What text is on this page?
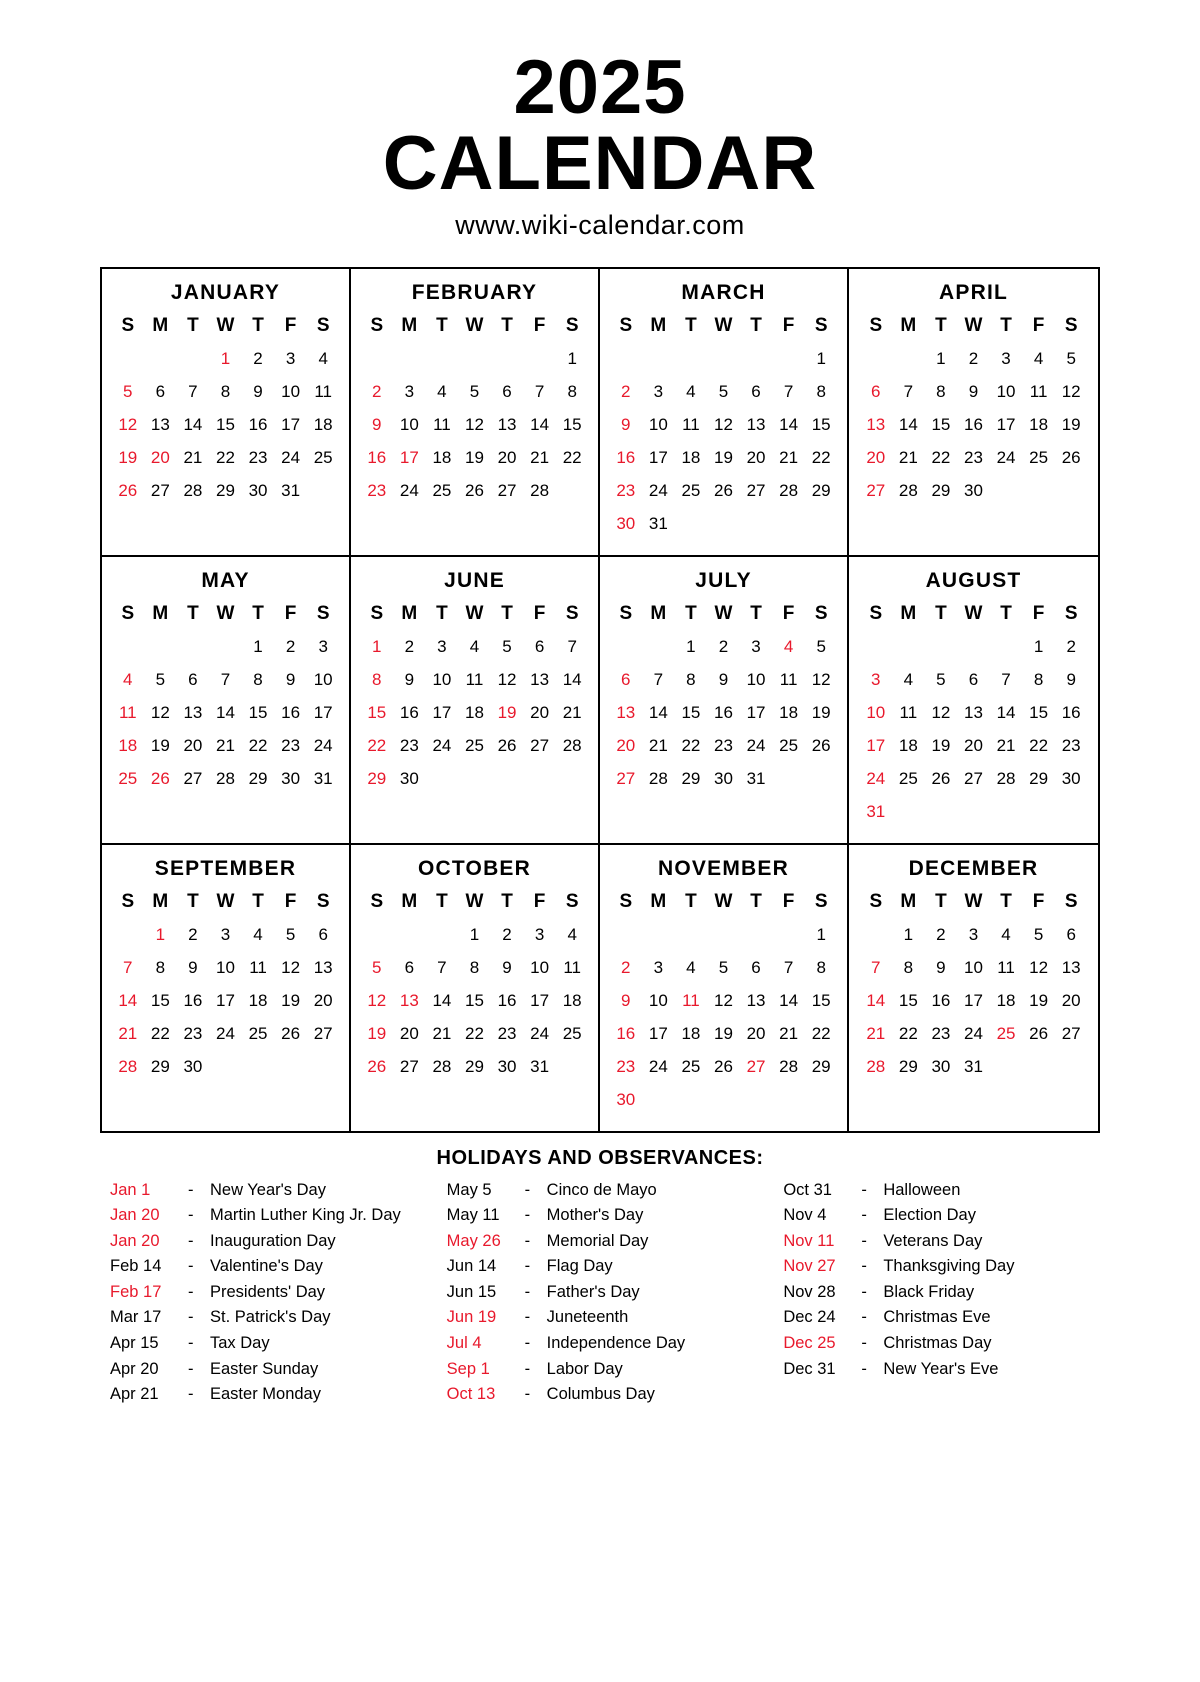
2025
CALENDAR
www.wiki-calendar.com
JANUARY
S	M	T	W	T	F	S
			1	2	3	4
5	6	7	8	9	10	11
12	13	14	15	16	17	18
19	20	21	22	23	24	25
26	27	28	29	30	31	
FEBRUARY
S	M	T	W	T	F	S
						1
2	3	4	5	6	7	8
9	10	11	12	13	14	15
16	17	18	19	20	21	22
23	24	25	26	27	28	
MARCH
S	M	T	W	T	F	S
						1
2	3	4	5	6	7	8
9	10	11	12	13	14	15
16	17	18	19	20	21	22
23	24	25	26	27	28	29
30	31					
APRIL
S	M	T	W	T	F	S
		1	2	3	4	5
6	7	8	9	10	11	12
13	14	15	16	17	18	19
20	21	22	23	24	25	26
27	28	29	30			
MAY
S	M	T	W	T	F	S
				1	2	3
4	5	6	7	8	9	10
11	12	13	14	15	16	17
18	19	20	21	22	23	24
25	26	27	28	29	30	31
JUNE
S	M	T	W	T	F	S
1	2	3	4	5	6	7
8	9	10	11	12	13	14
15	16	17	18	19	20	21
22	23	24	25	26	27	28
29	30					
JULY
S	M	T	W	T	F	S
		1	2	3	4	5
6	7	8	9	10	11	12
13	14	15	16	17	18	19
20	21	22	23	24	25	26
27	28	29	30	31		
AUGUST
S	M	T	W	T	F	S
					1	2
3	4	5	6	7	8	9
10	11	12	13	14	15	16
17	18	19	20	21	22	23
24	25	26	27	28	29	30
31						
SEPTEMBER
S	M	T	W	T	F	S
	1	2	3	4	5	6
7	8	9	10	11	12	13
14	15	16	17	18	19	20
21	22	23	24	25	26	27
28	29	30				
OCTOBER
S	M	T	W	T	F	S
			1	2	3	4
5	6	7	8	9	10	11
12	13	14	15	16	17	18
19	20	21	22	23	24	25
26	27	28	29	30	31	
NOVEMBER
S	M	T	W	T	F	S
						1
2	3	4	5	6	7	8
9	10	11	12	13	14	15
16	17	18	19	20	21	22
23	24	25	26	27	28	29
30						
DECEMBER
S	M	T	W	T	F	S
	1	2	3	4	5	6
7	8	9	10	11	12	13
14	15	16	17	18	19	20
21	22	23	24	25	26	27
28	29	30	31			
HOLIDAYS AND OBSERVANCES:
Jan 1	-	New Year's Day
Jan 20	-	Martin Luther King Jr. Day
Jan 20	-	Inauguration Day
Feb 14	-	Valentine's Day
Feb 17	-	Presidents' Day
Mar 17	-	St. Patrick's Day
Apr 15	-	Tax Day
Apr 20	-	Easter Sunday
Apr 21	-	Easter Monday
May 5	-	Cinco de Mayo
May 11	-	Mother's Day
May 26	-	Memorial Day
Jun 14	-	Flag Day
Jun 15	-	Father's Day
Jun 19	-	Juneteenth
Jul 4	-	Independence Day
Sep 1	-	Labor Day
Oct 13	-	Columbus Day
Oct 31	-	Halloween
Nov 4	-	Election Day
Nov 11	-	Veterans Day
Nov 27	-	Thanksgiving Day
Nov 28	-	Black Friday
Dec 24	-	Christmas Eve
Dec 25	-	Christmas Day
Dec 31	-	New Year's Eve
